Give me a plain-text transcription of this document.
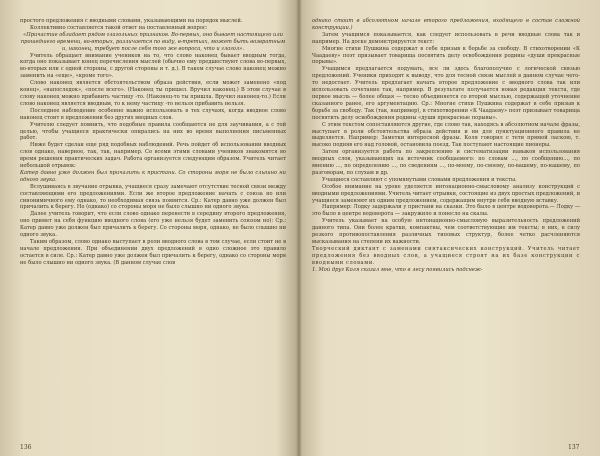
простого предложения с вводными словами, указывающими на порядок мыслей.

Коллективно составляется такой ответ на поставленный вопрос:

«Причастие обладает рядом глагольных признаков. Во-первых, оно бывает настоящего или прошедшего времени, во-вторых, различается по виду, в-третьих, может быть возвратным и, наконец, требует после себя того же вопроса, что и глагол».

Учитель обращает внимание учеников на то, что слово наконец бывает вводным тогда, когда оно показывает конец перечисления мыслей (обычно ему предшествуют слова во-первых, во-вторых или с одной стороны, с другой стороны и т. д.). В таком случае слово наконец можно заменить на «еще», «кроме того».

Слово наконец является обстоятельством образа действия, если может заменено «под конец», «напоследок», «после всего». (Наконец ты пришел. Вручил наконец.) В этом случае в слову наконец можно прибавить частицу -то. (Наконец-то ты пришла. Вручил наконец-то.) Если слово наконец является вводным, то к нему частицу -то нельзя прибавить нельзя.

Последнее наблюдение особенно важно использовать в тех случаях, когда вводное слово наконец стоит в предложении без других вводных слов.

Учителю следует помнить, что подобные правила сообщаются не для заучивания, а с той целью, чтобы учащиеся практически опирались на них во время выполнения письменных работ.

Ниже будет сделан еще ряд подобных наблюдений. Речь пойдет об использовании вводных слов однако, наверное, так, так, например. Со всеми этими словами учеников знакомятся во время решения практических задач. Работа организуется следующим образом. Учитель читает небольшой отрывок:

Катер давно уже должен был причалить к пристани. Со стороны моря не было слышно ни одного звука.

Вслушиваясь в звучание отрывка, учащиеся сразу замечают отсутствие тесной связи между составляющими его предложениями. Если же второе предложение начать с союза но или синонимичного ему однако, то необходимая связь появится. Ср.: Катер давно уже должен был причалить к берегу. Но (однако) со стороны моря не было слышно ни одного звука.

Далее учитель говорит, что если слово однако перенести в середину второго предложения, оно примет на себя функцию вводного слова (его уже нельзя будет заменить союзом но): Ср.: Катер давно уже должен был причалить к берегу. Со стороны моря, однако, не было слышно ни одного звука.

Таким образом, слово однако выступает в роли вводного слова в том случае, если стоит не в начале предложения. При объединении двух предложений в одно сложное это правило остается в силе. Ср.: Катер давно уже должен был причалить к берегу, однако со стороны моря не было слышно ни одного звука. (В данном случае слов

однако стоит в абсолютном начале второго предложения, входящего в состав сложной конструкции.)

Затем учащимся показывается, как следует использовать в речи вводные слова так и например. На доске демонстрируется текст:

Многие стихи Пушкина содержат в себе призыв к борьбе за свободу. В стихотворении «К Чаадаеву» поэт призывает товарища посвятить делу освобождения родины «души прекрасные порывы».

Учащимся предлагается подумать, все ли здесь благополучно с логической связью предложений. Ученики приходят к выводу, что для тесной связи мыслей в данном случае чего-то недостает. Учитель предлагает начать второе предложение с вводного слова так или использовать сочетание так, например. В результате получается новая редакция текста, где первое мысль — более общая — тесно объединяется со второй мыслью, содержащей уточнение сказанного ранее, его аргументацию. Ср.: Многие стихи Пушкина содержат в себе призыв к борьбе за свободу. Так (так, например), в стихотворении «К Чаадаеву» поэт призывает товарища посвятить делу освобождения родины «души прекрасные порывы».

С этим текстом сопоставляются другие, где слово так, находясь в абсолютном начале фразы, выступает в роли обстоятельства образа действия и ни для пунктуационного правила не выделяется. Например: Заметки интересной фразы. Коля говорил с тети прямой ласкою, т. высоко подняв его над головой, остановила поезд. Так поступают настоящие пионеры.

Затем организуется работа по закреплению и систематизации навыков использования вводных слов, указывающих на источник сообщаемого: по словам ..., по сообщению..., по мнению ..., по определению ..., по сведениям ..., по-моему, по-своему, по-вашему, по-нашему, по разговорам, по слухам и др.

Учащиеся составляют с упомянутыми словами предложения и тексты.

Особое внимание на уроке уделяется интонационно-смысловому анализу конструкций с вводными предложениями. Учитель читает отрывки, состоящие из двух простых предложений, и учащиеся заменяют их одним предложением, содержащим внутри себя вводную вставку.

Например: Лодку задержали у пристани на сказки. Это было в центре водоворота.— Лодку — это было в центре водоворота — закружило и понесло на скалы.

Учитель указывает на особую интонационно-смысловую выразительность предложений данного типа. Они более кратки, компактны, чем соответствующие им тексты; в них, в силу резкого противопоставления различных типовых структур, более четко расчленяются высказывания на степени их важности.

Творческий диктант с заменами синтаксических конструкций. Учитель читает предложения без вводных слов, а учащиеся строят на их базе конструкции с вводными словами.

1. Мой друг Коля сказал мне, что в лесу появились подснеж-

136	137
